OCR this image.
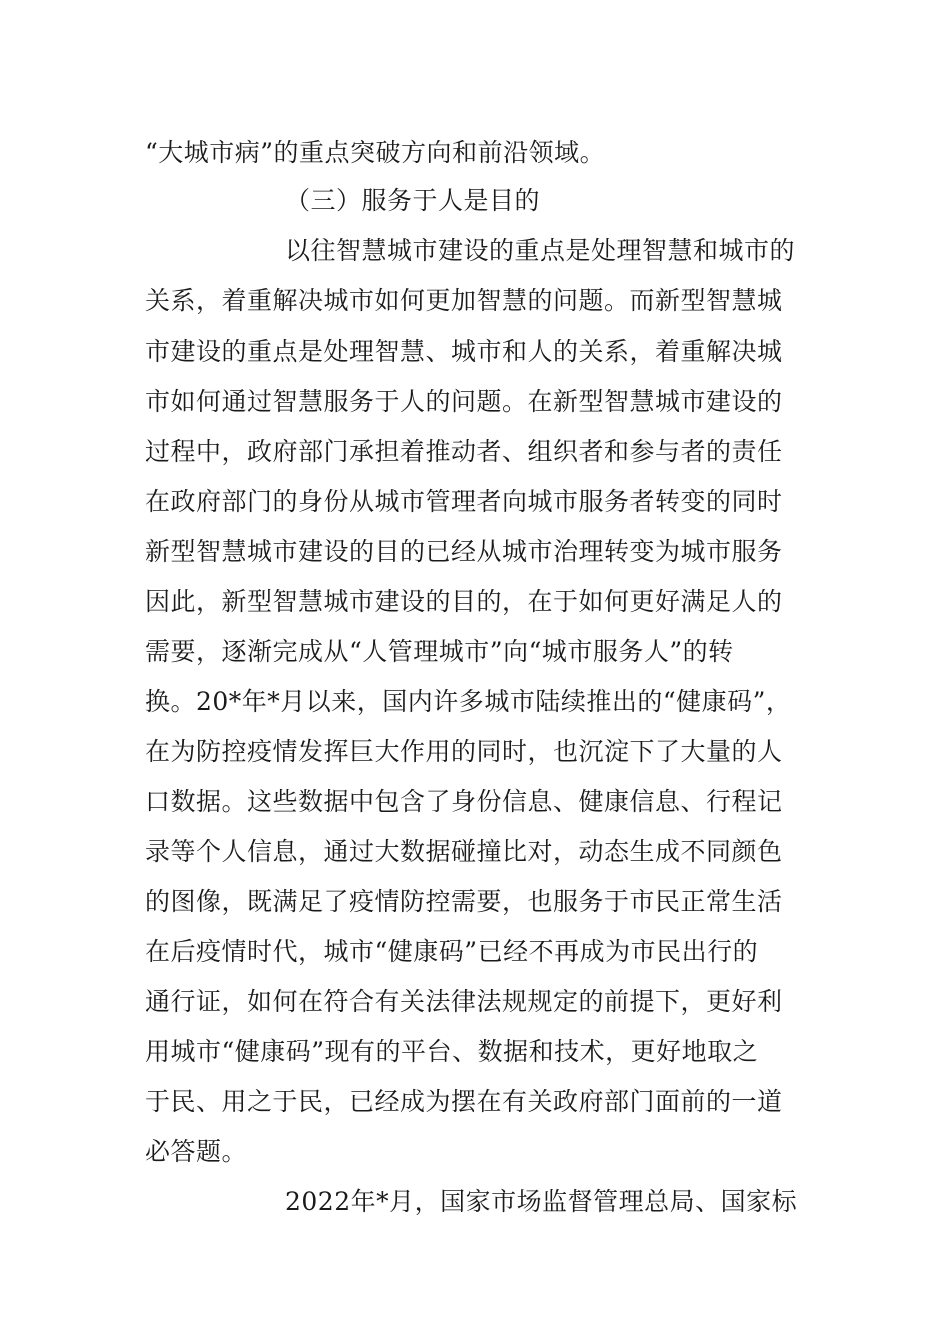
“大城市病”的重点突破方向和前沿领域。
（三）服务于人是目的
以往智慧城市建设的重点是处理智慧和城市的
关系，着重解决城市如何更加智慧的问题。而新型智慧城
市建设的重点是处理智慧、城市和人的关系，着重解决城
市如何通过智慧服务于人的问题。在新型智慧城市建设的
过程中，政府部门承担着推动者、组织者和参与者的责任
在政府部门的身份从城市管理者向城市服务者转变的同时
新型智慧城市建设的目的已经从城市治理转变为城市服务
因此，新型智慧城市建设的目的，在于如何更好满足人的
需要，逐渐完成从“人管理城市”向“城市服务人”的转
换。20*年*月以来，国内许多城市陆续推出的“健康码”，
在为防控疫情发挥巨大作用的同时，也沉淀下了大量的人
口数据。这些数据中包含了身份信息、健康信息、行程记
录等个人信息，通过大数据碰撞比对，动态生成不同颜色
的图像，既满足了疫情防控需要，也服务于市民正常生活
在后疫情时代，城市“健康码”已经不再成为市民出行的
通行证，如何在符合有关法律法规规定的前提下，更好利
用城市“健康码”现有的平台、数据和技术，更好地取之
于民、用之于民，已经成为摆在有关政府部门面前的一道
必答题。
2022年*月，国家市场监督管理总局、国家标
